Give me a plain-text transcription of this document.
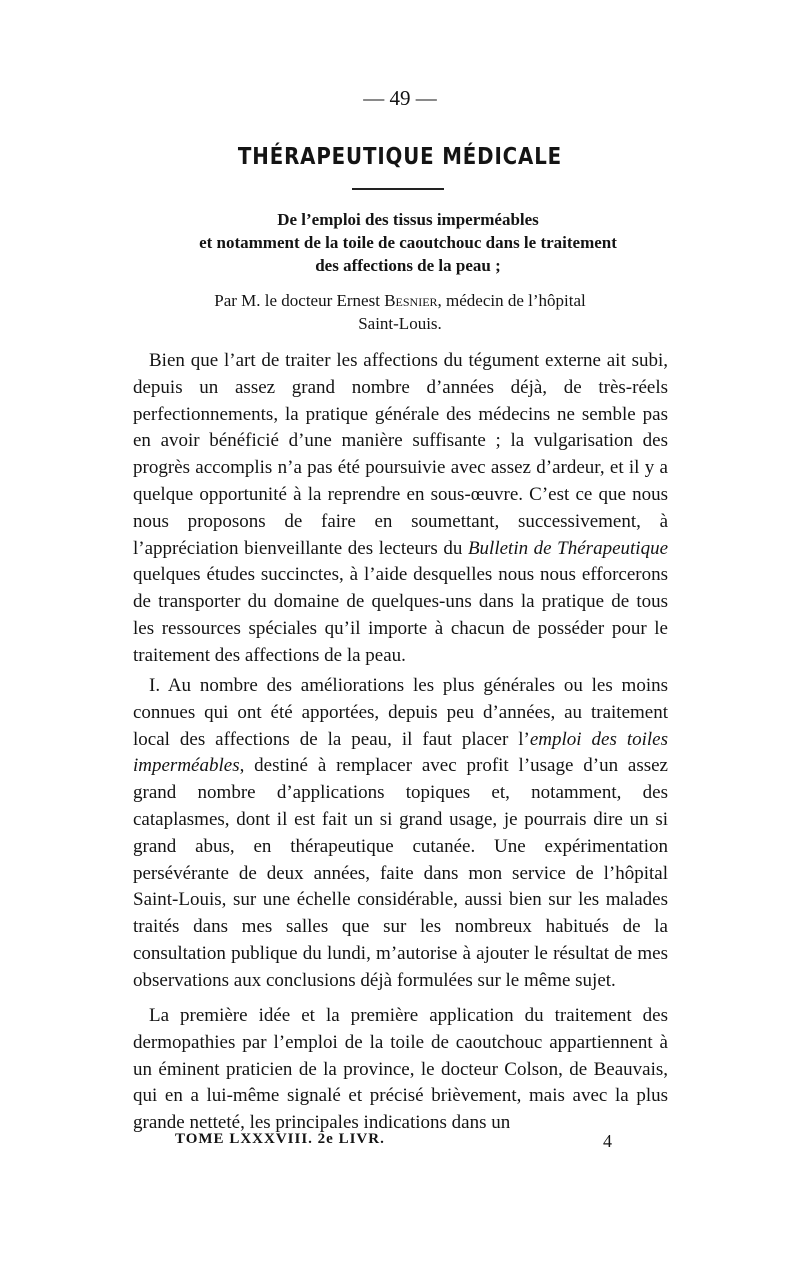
— 49 —
THÉRAPEUTIQUE MÉDICALE
De l’emploi des tissus imperméables
et notamment de la toile de caoutchouc dans le traitement
des affections de la peau ;
Par M. le docteur Ernest Besnier, médecin de l’hôpital
Saint-Louis.

Bien que l’art de traiter les affections du tégument externe ait subi, depuis un assez grand nombre d’années déjà, de très-réels perfectionnements, la pratique générale des médecins ne semble pas en avoir bénéficié d’une manière suffisante ; la vulgarisation des progrès accomplis n’a pas été poursuivie avec assez d’ardeur, et il y a quelque opportunité à la reprendre en sous-œuvre. C’est ce que nous nous proposons de faire en soumettant, successivement, à l’appréciation bienveillante des lecteurs du Bulletin de Thérapeutique quelques études succinctes, à l’aide desquelles nous nous efforcerons de transporter du domaine de quelques-uns dans la pratique de tous les ressources spéciales qu’il importe à chacun de posséder pour le traitement des affections de la peau.

I. Au nombre des améliorations les plus générales ou les moins connues qui ont été apportées, depuis peu d’années, au traitement local des affections de la peau, il faut placer l’emploi des toiles imperméables, destiné à remplacer avec profit l’usage d’un assez grand nombre d’applications topiques et, notamment, des cataplasmes, dont il est fait un si grand usage, je pourrais dire un si grand abus, en thérapeutique cutanée. Une expérimentation persévérante de deux années, faite dans mon service de l’hôpital Saint-Louis, sur une échelle considérable, aussi bien sur les malades traités dans mes salles que sur les nombreux habitués de la consultation publique du lundi, m’autorise à ajouter le résultat de mes observations aux conclusions déjà formulées sur le même sujet.

La première idée et la première application du traitement des dermopathies par l’emploi de la toile de caoutchouc appartiennent à un éminent praticien de la province, le docteur Colson, de Beauvais, qui en a lui-même signalé et précisé brièvement, mais avec la plus grande netteté, les principales indications dans un

TOME LXXXVIII. 2e LIVR.	4
